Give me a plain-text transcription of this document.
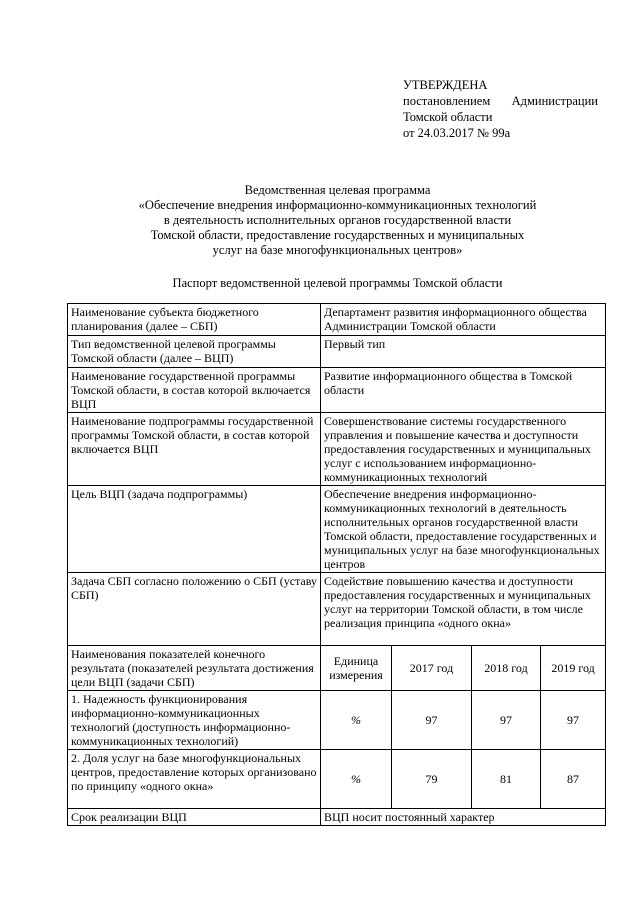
УТВЕРЖДЕНА
постановлением Администрации
Томской области
от 24.03.2017 № 99а
Ведомственная целевая программа
«Обеспечение внедрения информационно-коммуникационных технологий
в деятельность исполнительных органов государственной власти
Томской области, предоставление государственных и муниципальных
услуг на базе многофункциональных центров»
Паспорт ведомственной целевой программы Томской области
Наименование субъекта бюджетного планирования (далее – СБП)	Департамент развития информационного общества Администрации Томской области			
Тип ведомственной целевой программы Томской области (далее – ВЦП)	Первый тип			
Наименование государственной программы Томской области, в состав которой включается ВЦП	Развитие информационного общества в Томской области			
Наименование подпрограммы государственной программы Томской области, в состав которой включается ВЦП	Совершенствование системы государственного управления и повышение качества и доступности предоставления государственных и муниципальных услуг с использованием информационно-коммуникационных технологий			
Цель ВЦП (задача подпрограммы)	Обеспечение внедрения информационно-коммуникационных технологий в деятельность исполнительных органов государственной власти Томской области, предоставление государственных и муниципальных услуг на базе многофункциональных центров			
Задача СБП согласно положению о СБП (уставу СБП)	Содействие повышению качества и доступности предоставления государственных и муниципальных услуг на территории Томской области, в том числе реализация принципа «одного окна»			
Наименования показателей конечного результата (показателей результата достижения цели ВЦП (задачи СБП)	Единица измерения	2017 год	2018 год	2019 год
1. Надежность функционирования информационно-коммуникационных технологий (доступность информационно-коммуникационных технологий)	%	97	97	97
2. Доля услуг на базе многофункциональных центров, предоставление которых организовано по принципу «одного окна»	%	79	81	87
Срок реализации ВЦП	ВЦП носит постоянный характер			
